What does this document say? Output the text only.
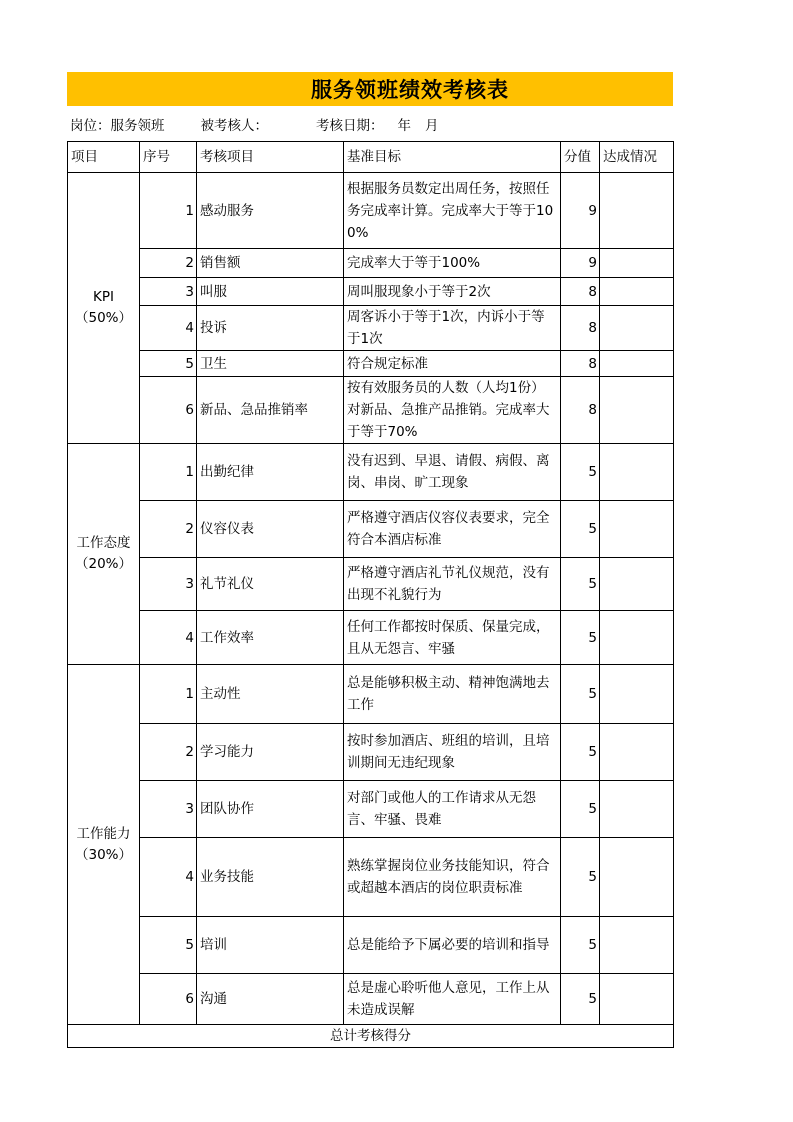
服务领班绩效考核表
岗位： 服务领班	被考核人：	考核日期： 年 月
项目	序号	考核项目	基准目标	分值	达成情况
KPI（50%）	1	感动服务	根据服务员数定出周任务，按照任务完成率计算。完成率大于等于100%	9	
	2	销售额	完成率大于等于100%	9	
	3	叫服	周叫服现象小于等于2次	8	
	4	投诉	周客诉小于等于1次，内诉小于等于1次	8	
	5	卫生	符合规定标准	8	
	6	新品、急品推销率	按有效服务员的人数（人均1份）对新品、急推产品推销。完成率大于等于70%	8	
工作态度（20%）	1	出勤纪律	没有迟到、早退、请假、病假、离岗、串岗、旷工现象	5	
	2	仪容仪表	严格遵守酒店仪容仪表要求，完全符合本酒店标准	5	
	3	礼节礼仪	严格遵守酒店礼节礼仪规范，没有出现不礼貌行为	5	
	4	工作效率	任何工作都按时保质、保量完成，且从无怨言、牢骚	5	
工作能力（30%）	1	主动性	总是能够积极主动、精神饱满地去工作	5	
	2	学习能力	按时参加酒店、班组的培训，且培训期间无违纪现象	5	
	3	团队协作	对部门或他人的工作请求从无怨言、牢骚、畏难	5	
	4	业务技能	熟练掌握岗位业务技能知识，符合或超越本酒店的岗位职责标准	5	
	5	培训	总是能给予下属必要的培训和指导	5	
	6	沟通	总是虚心聆听他人意见，工作上从未造成误解	5	
总计考核得分					
